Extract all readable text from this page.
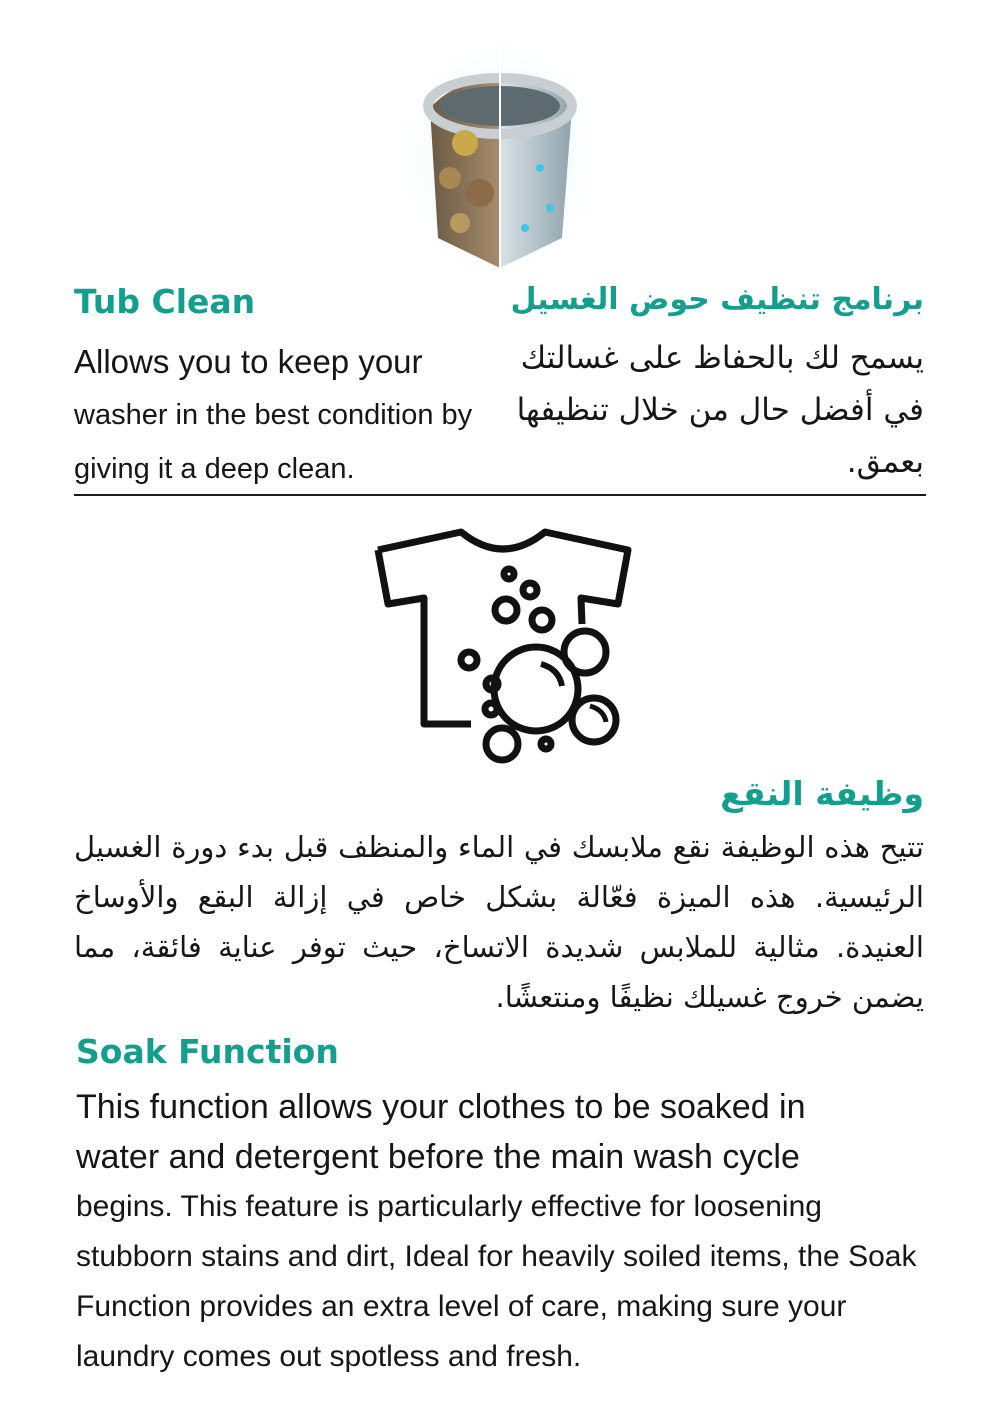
Tub Clean	برنامج تنظيف حوض الغسيل

Allows you to keep your
washer in the best condition by giving it a deep clean.

يسمح لك بالحفاظ على غسالتك في أفضل حال من خلال تنظيفها بعمق.

وظيفة النقع

تتيح هذه الوظيفة نقع ملابسك في الماء والمنظف قبل بدء دورة الغسيل الرئيسية. هذه الميزة فعّالة بشكل خاص في إزالة البقع والأوساخ العنيدة. مثالية للملابس شديدة الاتساخ، حيث توفر عناية فائقة، مما يضمن خروج غسيلك نظيفًا ومنتعشًا.

Soak Function

This function allows your clothes to be soaked in
water and detergent before the main wash cycle
begins. This feature is particularly effective for loosening stubborn stains and dirt, Ideal for heavily soiled items, the Soak Function provides an extra level of care, making sure your laundry comes out spotless and fresh.
